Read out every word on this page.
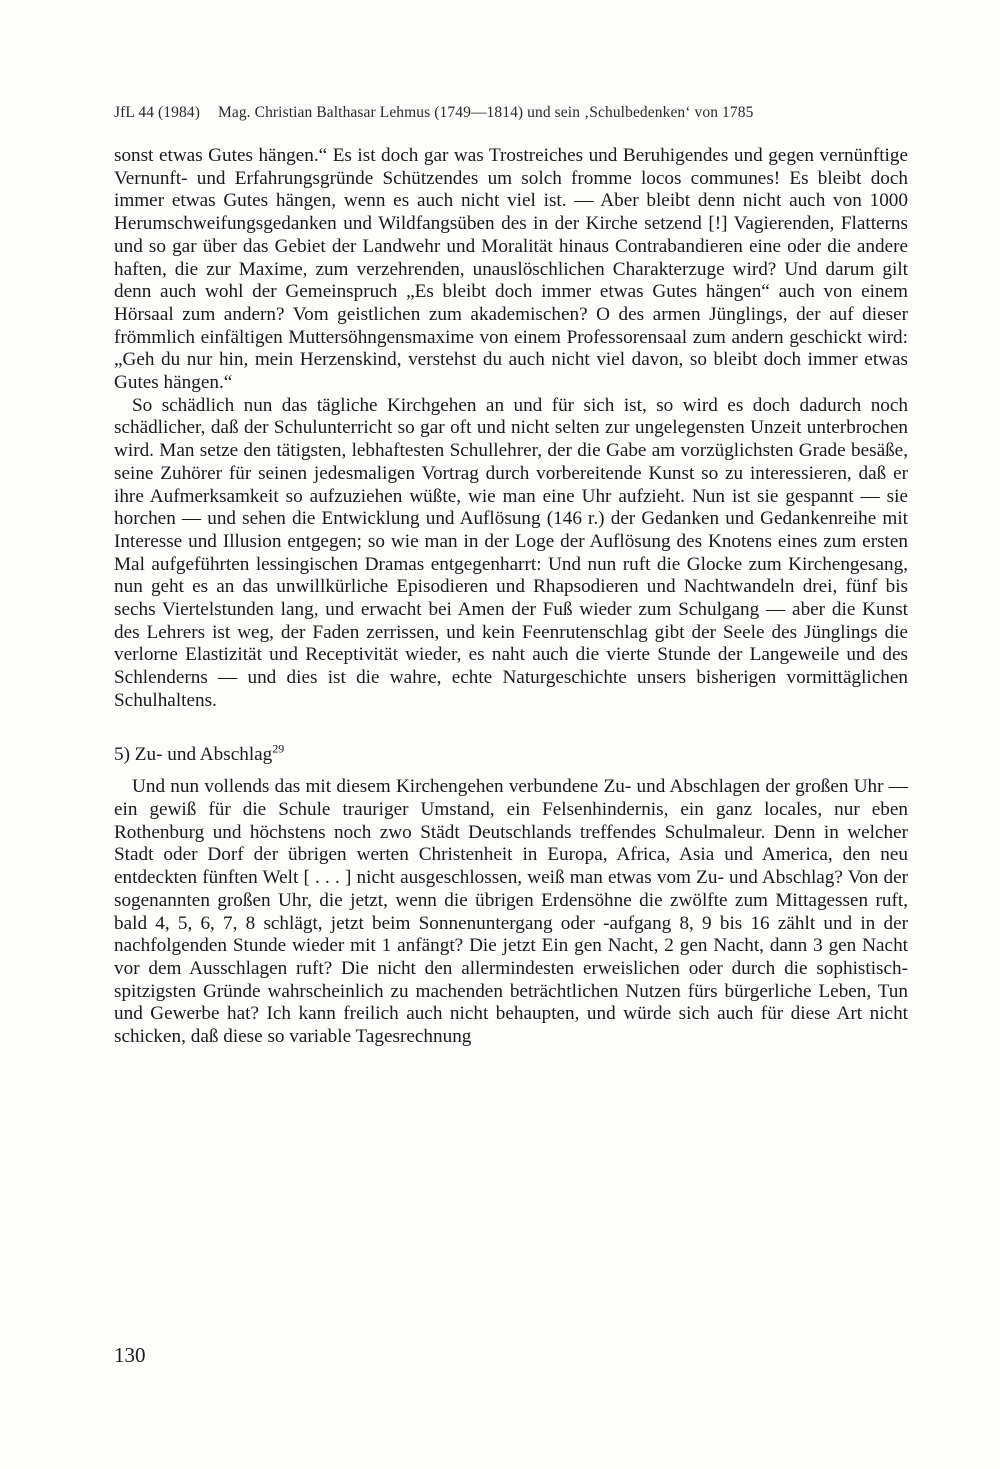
JfL 44 (1984) Mag. Christian Balthasar Lehmus (1749—1814) und sein ‚Schulbedenken‘ von 1785

sonst etwas Gutes hängen.“ Es ist doch gar was Trostreiches und Beruhigendes und gegen vernünftige Vernunft- und Erfahrungsgründe Schützendes um solch fromme locos communes! Es bleibt doch immer etwas Gutes hängen, wenn es auch nicht viel ist. — Aber bleibt denn nicht auch von 1000 Herumschweifungsgedanken und Wildfangsüben des in der Kirche setzend [!] Vagierenden, Flatterns und so gar über das Gebiet der Landwehr und Moralität hinaus Contrabandieren eine oder die andere haften, die zur Maxime, zum verzehrenden, unauslöschlichen Charakterzuge wird? Und darum gilt denn auch wohl der Gemeinspruch „Es bleibt doch immer etwas Gutes hängen“ auch von einem Hörsaal zum andern? Vom geistlichen zum akademischen? O des armen Jünglings, der auf dieser frömmlich einfältigen Muttersöhngensmaxime von einem Professorensaal zum andern geschickt wird: „Geh du nur hin, mein Herzenskind, verstehst du auch nicht viel davon, so bleibt doch immer etwas Gutes hängen.“

So schädlich nun das tägliche Kirchgehen an und für sich ist, so wird es doch dadurch noch schädlicher, daß der Schulunterricht so gar oft und nicht selten zur ungelegensten Unzeit unterbrochen wird. Man setze den tätigsten, lebhaftesten Schullehrer, der die Gabe am vorzüglichsten Grade besäße, seine Zuhörer für seinen jedesmaligen Vortrag durch vorbereitende Kunst so zu interessieren, daß er ihre Aufmerksamkeit so aufzuziehen wüßte, wie man eine Uhr aufzieht. Nun ist sie gespannt — sie horchen — und sehen die Entwicklung und Auflösung (146 r.) der Gedanken und Gedankenreihe mit Interesse und Illusion entgegen; so wie man in der Loge der Auflösung des Knotens eines zum ersten Mal aufgeführten lessingischen Dramas entgegenharrt: Und nun ruft die Glocke zum Kirchengesang, nun geht es an das unwillkürliche Episodieren und Rhapsodieren und Nachtwandeln drei, fünf bis sechs Viertelstunden lang, und erwacht bei Amen der Fuß wieder zum Schulgang — aber die Kunst des Lehrers ist weg, der Faden zerrissen, und kein Feenrutenschlag gibt der Seele des Jünglings die verlorne Elastizität und Receptivität wieder, es naht auch die vierte Stunde der Langeweile und des Schlenderns — und dies ist die wahre, echte Naturgeschichte unsers bisherigen vormittäglichen Schulhaltens.

5) Zu- und Abschlag$^{29}$

Und nun vollends das mit diesem Kirchengehen verbundene Zu- und Abschlagen der großen Uhr — ein gewiß für die Schule trauriger Umstand, ein Felsenhindernis, ein ganz locales, nur eben Rothenburg und höchstens noch zwo Städt Deutschlands treffendes Schulmaleur. Denn in welcher Stadt oder Dorf der übrigen werten Christenheit in Europa, Africa, Asia und America, den neu entdeckten fünften Welt [ . . . ] nicht ausgeschlossen, weiß man etwas vom Zu- und Abschlag? Von der sogenannten großen Uhr, die jetzt, wenn die übrigen Erdensöhne die zwölfte zum Mittagessen ruft, bald 4, 5, 6, 7, 8 schlägt, jetzt beim Sonnenuntergang oder -aufgang 8, 9 bis 16 zählt und in der nachfolgenden Stunde wieder mit 1 anfängt? Die jetzt Ein gen Nacht, 2 gen Nacht, dann 3 gen Nacht vor dem Ausschlagen ruft? Die nicht den allermindesten erweislichen oder durch die sophistisch-spitzigsten Gründe wahrscheinlich zu machenden beträchtlichen Nutzen fürs bürgerliche Leben, Tun und Gewerbe hat? Ich kann freilich auch nicht behaupten, und würde sich auch für diese Art nicht schicken, daß diese so variable Tagesrechnung

130
